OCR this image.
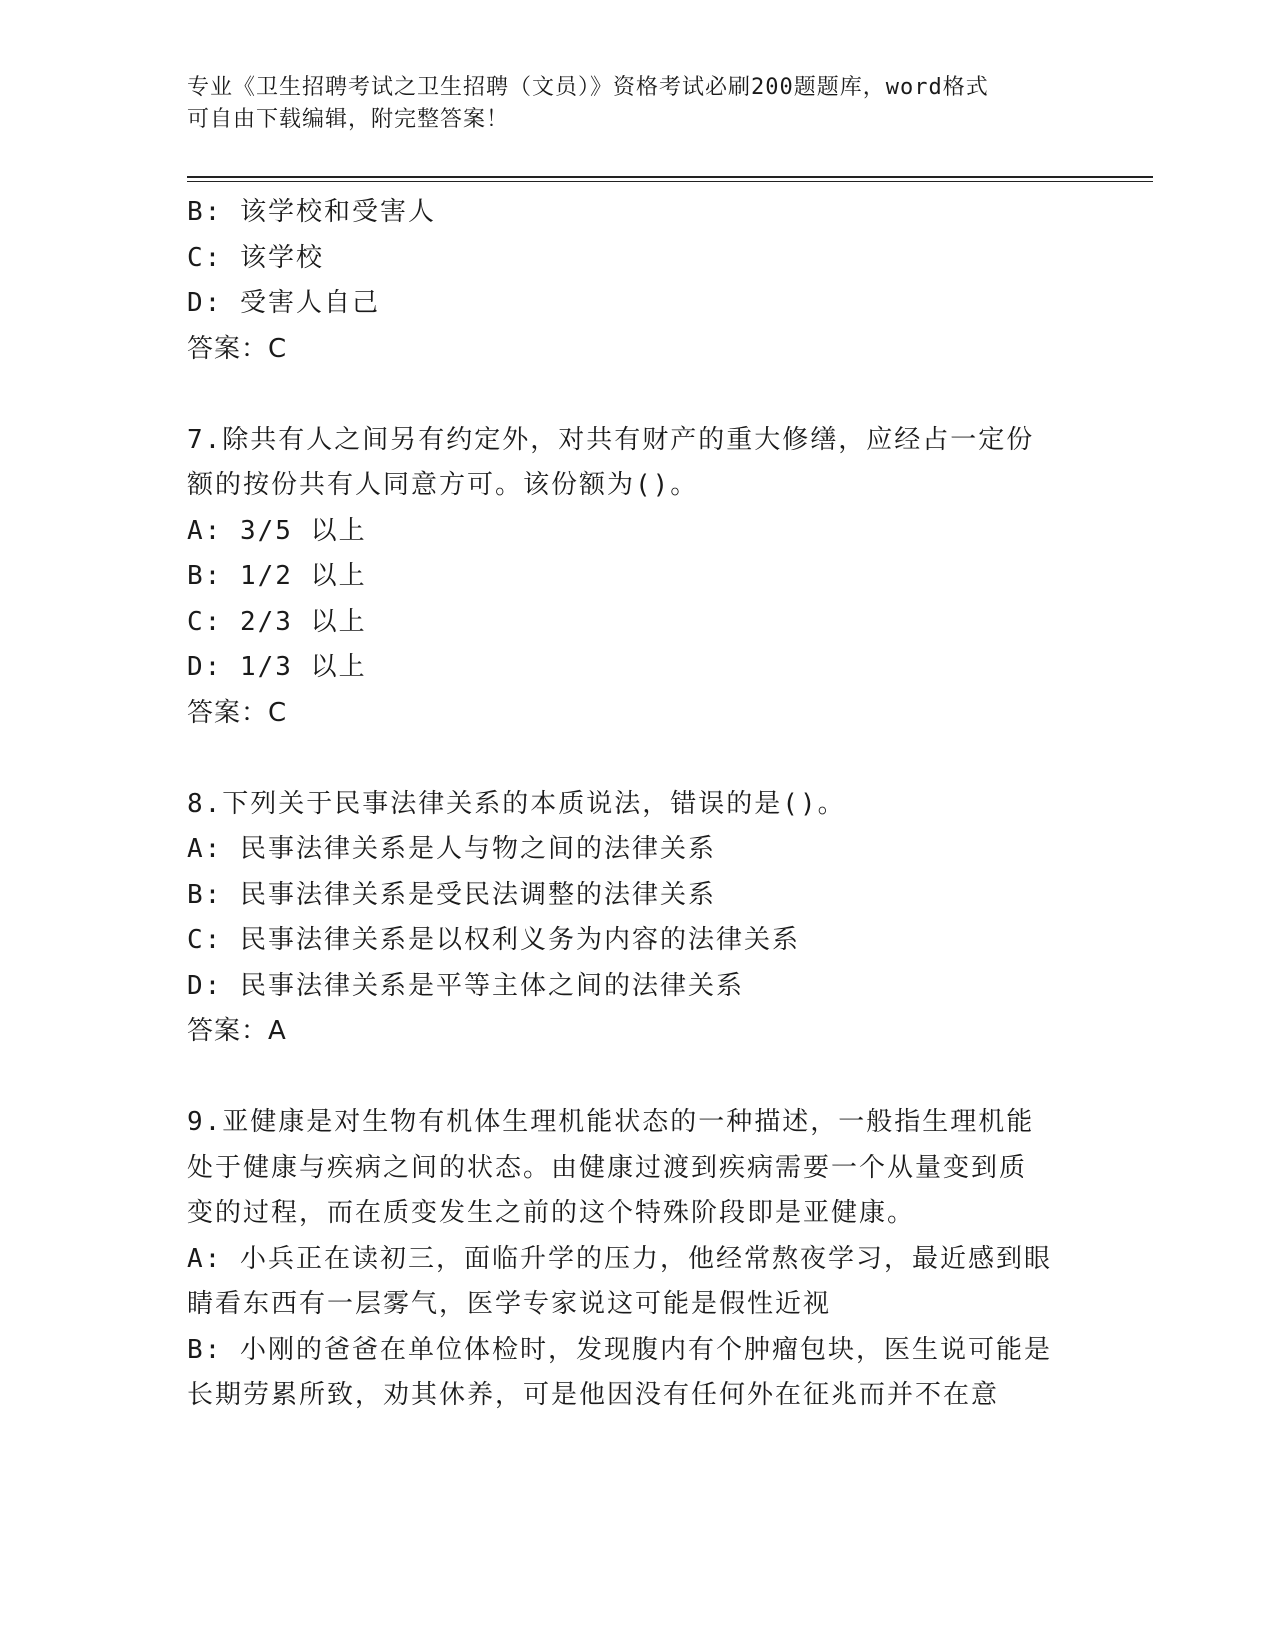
专业《卫生招聘考试之卫生招聘（文员）》资格考试必刷200题题库，word格式
可自由下载编辑，附完整答案！
B: 该学校和受害人
C: 该学校
D: 受害人自己
答案：C
7.除共有人之间另有约定外，对共有财产的重大修缮，应经占一定份
额的按份共有人同意方可。该份额为()。
A: 3/5 以上
B: 1/2 以上
C: 2/3 以上
D: 1/3 以上
答案：C
8.下列关于民事法律关系的本质说法，错误的是()。
A: 民事法律关系是人与物之间的法律关系
B: 民事法律关系是受民法调整的法律关系
C: 民事法律关系是以权利义务为内容的法律关系
D: 民事法律关系是平等主体之间的法律关系
答案：A
9.亚健康是对生物有机体生理机能状态的一种描述，一般指生理机能
处于健康与疾病之间的状态。由健康过渡到疾病需要一个从量变到质
变的过程，而在质变发生之前的这个特殊阶段即是亚健康。
A: 小兵正在读初三，面临升学的压力，他经常熬夜学习，最近感到眼
睛看东西有一层雾气，医学专家说这可能是假性近视
B: 小刚的爸爸在单位体检时，发现腹内有个肿瘤包块，医生说可能是
长期劳累所致，劝其休养，可是他因没有任何外在征兆而并不在意
